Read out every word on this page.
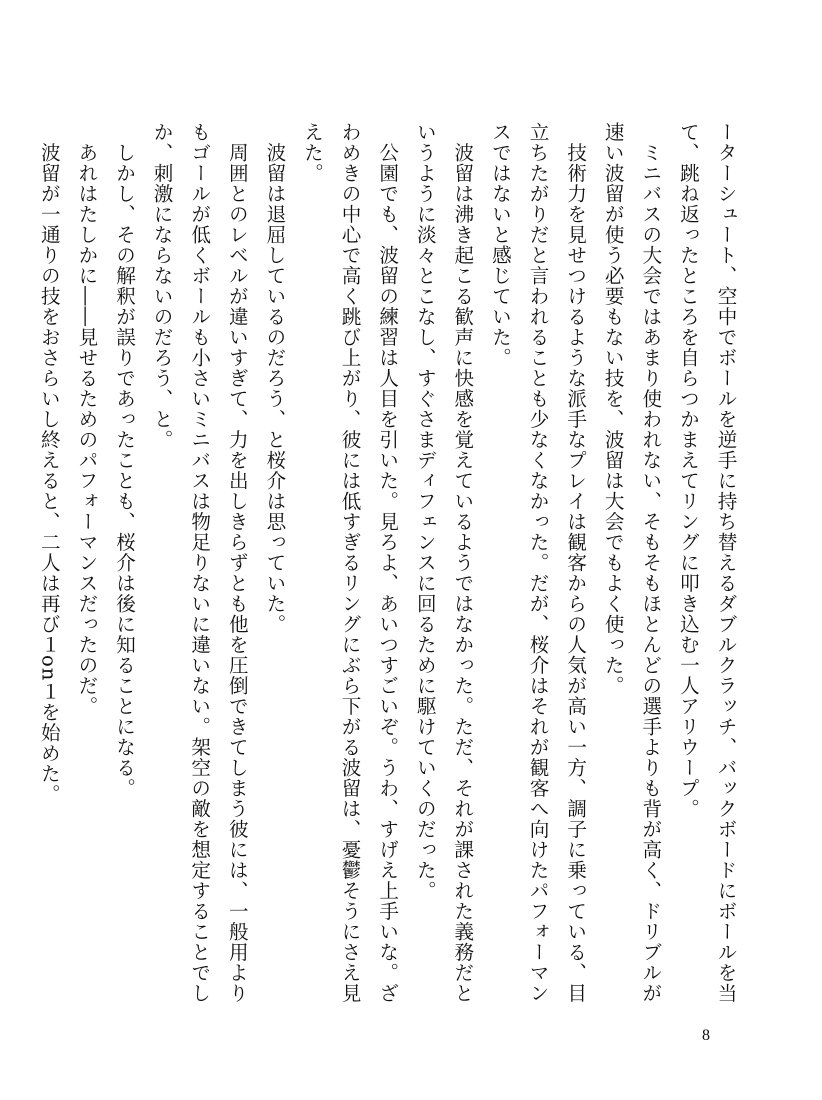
ーターシュート、空中でボールを逆手に持ち替えるダブルクラッチ、バックボードにボールを当
て、跳ね返ったところを自らつかまえてリングに叩き込む一人アリウープ。
　ミニバスの大会ではあまり使われない、そもそもほとんどの選手よりも背が高く、ドリブルが
速い波留が使う必要もない技を、波留は大会でもよく使った。
　技術力を見せつけるような派手なプレイは観客からの人気が高い一方、調子に乗っている、目
立ちたがりだと言われることも少なくなかった。だが、桜介はそれが観客へ向けたパフォーマン
スではないと感じていた。
　波留は沸き起こる歓声に快感を覚えているようではなかった。ただ、それが課された義務だと
いうように淡々とこなし、すぐさまディフェンスに回るために駆けていくのだった。
　公園でも、波留の練習は人目を引いた。見ろよ、あいつすごいぞ。うわ、すげえ上手いな。ざ
わめきの中心で高く跳び上がり、彼には低すぎるリングにぶら下がる波留は、憂鬱そうにさえ見
えた。
　波留は退屈しているのだろう、と桜介は思っていた。
　周囲とのレベルが違いすぎて、力を出しきらずとも他を圧倒できてしまう彼には、一般用より
もゴールが低くボールも小さいミニバスは物足りないに違いない。架空の敵を想定することでし
か、刺激にならないのだろう、と。
　しかし、その解釈が誤りであったことも、桜介は後に知ることになる。
　あれはたしかに――見せるためのパフォーマンスだったのだ。
　波留が一通りの技をおさらいし終えると、二人は再び１on１を始めた。
8
